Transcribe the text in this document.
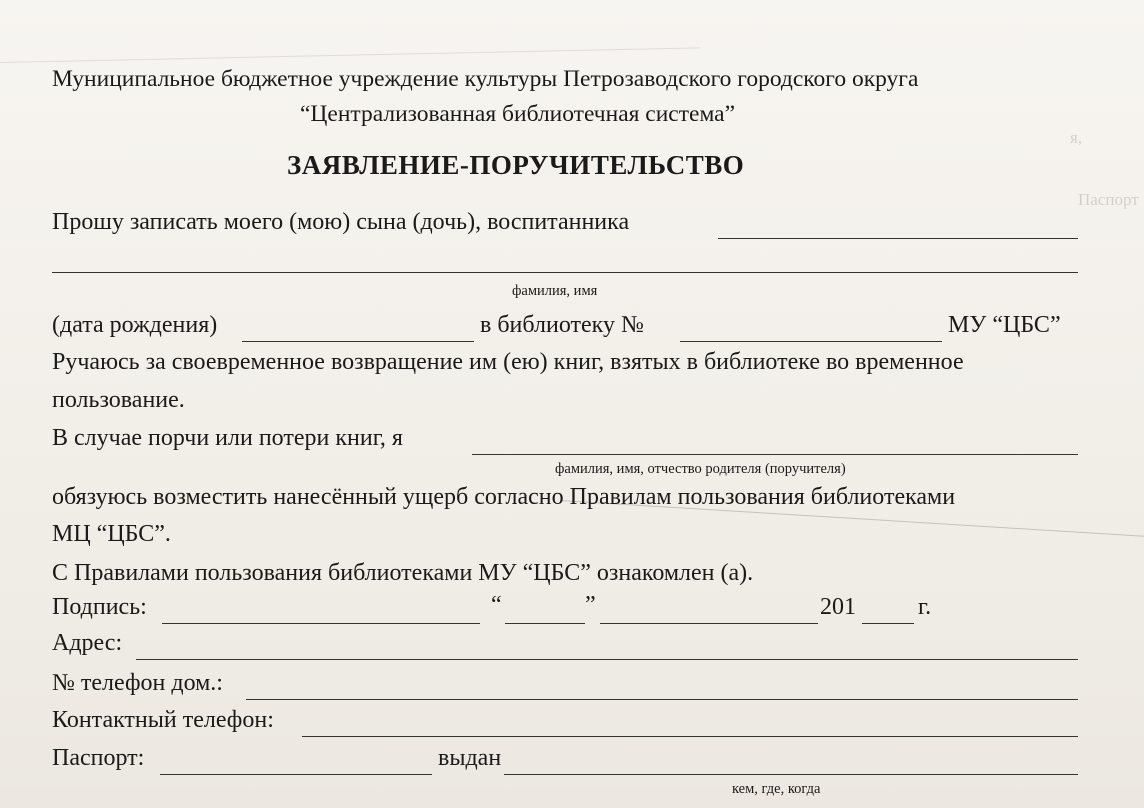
я,
Паспорт
Муниципальное бюджетное учреждение культуры Петрозаводского городского округа
“Централизованная библиотечная система”
ЗАЯВЛЕНИЕ-ПОРУЧИТЕЛЬСТВО
Прошу записать моего (мою) сына (дочь), воспитанника
фамилия, имя
(дата рождения)	в библиотеку №	МУ “ЦБС”
Ручаюсь за своевременное возвращение им (ею) книг, взятых в библиотеке во временное
пользование.
В случае порчи или потери книг, я
фамилия, имя, отчество родителя (поручителя)
обязуюсь возместить нанесённый ущерб согласно Правилам пользования библиотеками
МЦ “ЦБС”.
С Правилами пользования библиотеками МУ “ЦБС” ознакомлен (а).
Подпись:	“	”	201	г.
Адрес:
№ телефон дом.:
Контактный телефон:
Паспорт:	выдан
кем, где, когда
